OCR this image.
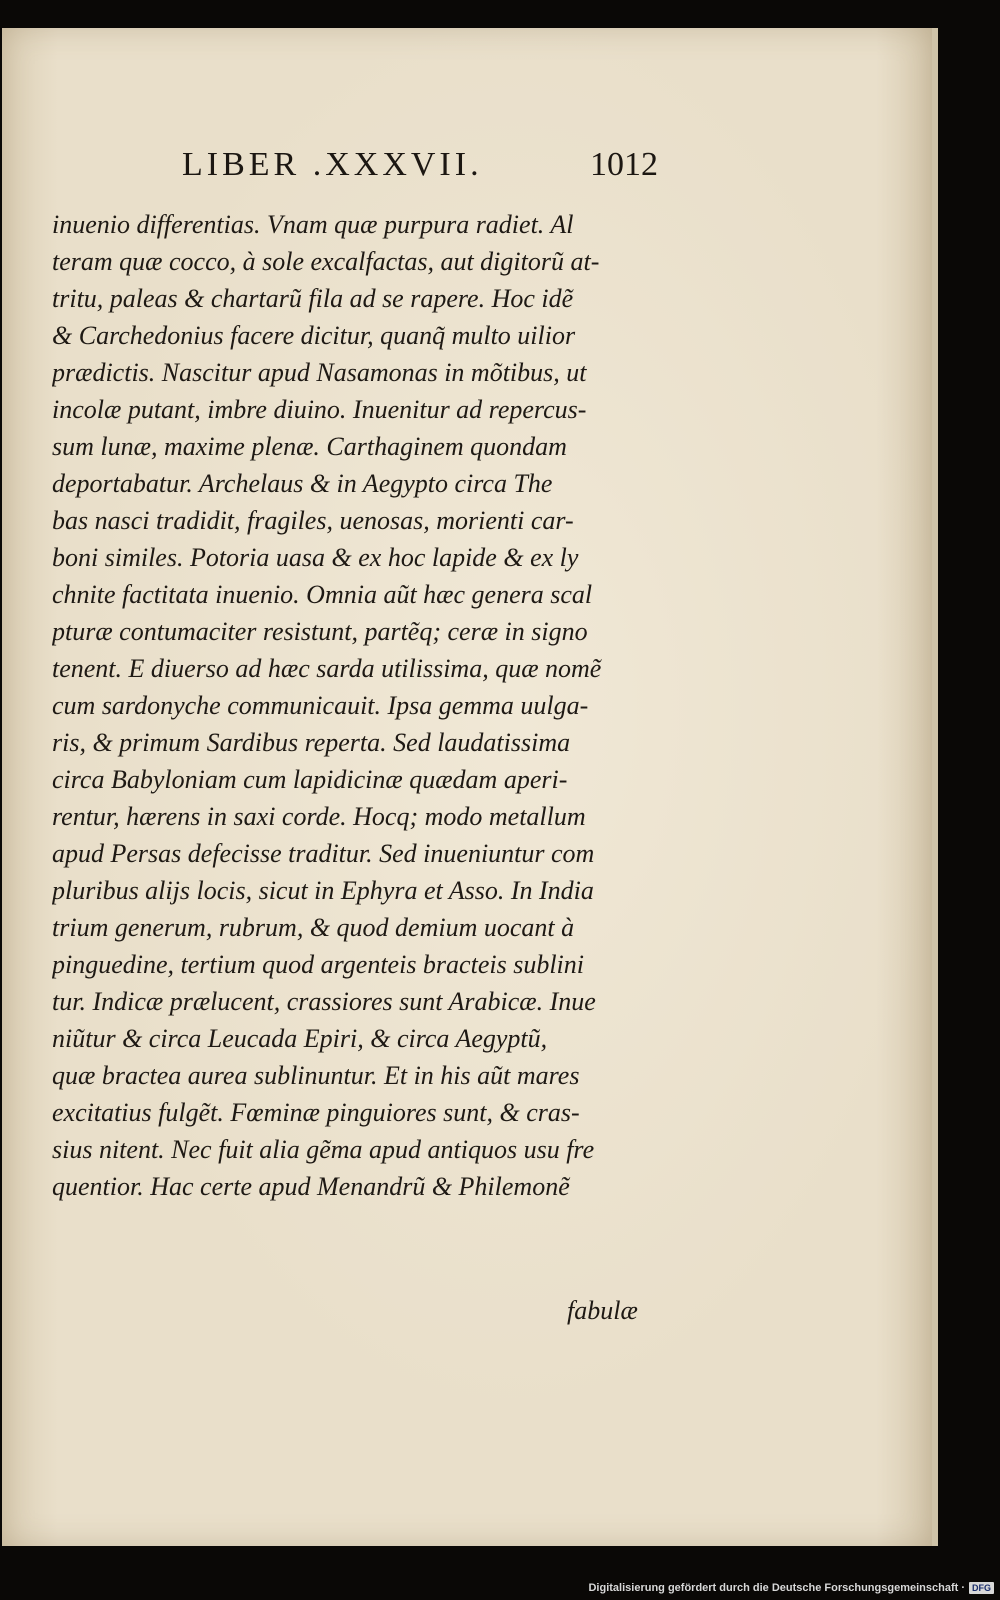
LIBER .XXXVII.	1012
inuenio differentias. Vnam quæ purpura radiet. Al
teram quæ cocco, à sole excalfactas, aut digitorũ at-
tritu, paleas & chartarũ fila ad se rapere. Hoc idẽ
& Carchedonius facere dicitur, quanq̃ multo uilior
prædictis. Nascitur apud Nasamonas in mõtibus, ut
incolæ putant, imbre diuino. Inuenitur ad repercus-
sum lunæ, maxime plenæ. Carthaginem quondam
deportabatur. Archelaus & in Aegypto circa The
bas nasci tradidit, fragiles, uenosas, morienti car-
boni similes. Potoria uasa & ex hoc lapide & ex ly
chnite factitata inuenio. Omnia aũt hæc genera scal
pturæ contumaciter resistunt, partẽq; ceræ in signo
tenent. E diuerso ad hæc sarda utilissima, quæ nomẽ
cum sardonyche communicauit. Ipsa gemma uulga-
ris, & primum Sardibus reperta. Sed laudatissima
circa Babyloniam cum lapidicinæ quædam aperi-
rentur, hærens in saxi corde. Hocq; modo metallum
apud Persas defecisse traditur. Sed inueniuntur com
pluribus alijs locis, sicut in Ephyra et Asso. In India
trium generum, rubrum, & quod demium uocant à
pinguedine, tertium quod argenteis bracteis sublini
tur. Indicæ prælucent, crassiores sunt Arabicæ. Inue
niũtur & circa Leucada Epiri, & circa Aegyptũ,
quæ bractea aurea sublinuntur. Et in his aũt mares
excitatius fulgẽt. Fœminæ pinguiores sunt, & cras-
sius nitent. Nec fuit alia gẽma apud antiquos usu fre
quentior. Hac certe apud Menandrũ & Philemonẽ
fabulæ
Digitalisierung gefördert durch die Deutsche Forschungsgemeinschaft · DFG
